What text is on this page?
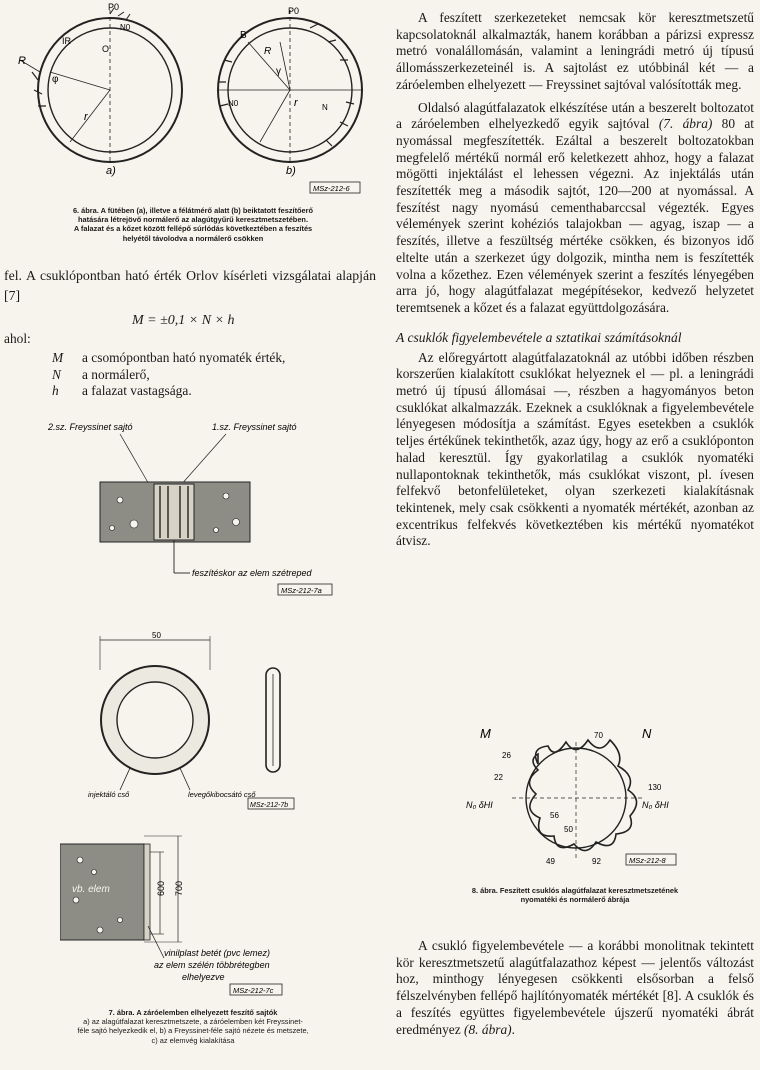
R
IR
P0
N0
O
r
φ
a)
P0
B
R
N0	N
γ
r
b)
MSz-212-6
6. ábra. A fütében (a), illetve a félátmérő alatt (b) beiktatott feszítőerő
hatására létrejövő normálerő az alagútgyűrű keresztmetszetében.
A falazat és a kőzet között fellépő súrlódás következtében a feszítés
helyétől távolodva a normálerő csökken

fel. A csuklópontban ható érték Orlov kísérleti vizsgálatai alapján [7]

M = ±0,1 × N × h
ahol:
M	a csomópontban ható nyomaték érték,
N	a normálerő,
h	a falazat vastagsága.
2.sz. Freyssinet sajtó	1.sz. Freyssinet sajtó
feszítéskor az elem szétreped
MSz-212-7a
50
injektáló cső	levegőkibocsátó cső
MSz-212-7b
vb. elem	600 700
vinilplast betét (pvc lemez)
az elem szélén többrétegben
elhelyezve
MSz-212-7c
7. ábra. A záróelemben elhelyezett feszítő sajtók
a) az alagútfalazat keresztmetszete, a záróelemben két Freyssinet-
féle sajtó helyezkedik el, b) a Freyssinet-féle sajtó nézete és metszete,
c) az elemvég kialakítása

A feszített szerkezeteket nemcsak kör keresztmetszetű kapcsolatoknál alkalmazták, hanem korábban a párizsi expressz metró vonalállomásán, valamint a leningrádi metró új típusú állomásszerkezeteinél is. A sajtolást ez utóbbinál két — a záróelemben elhelyezett — Freyssinet sajtóval valósították meg.

Oldalsó alagútfalazatok elkészítése után a beszerelt boltozatot a záróelemben elhelyezkedő egyik sajtóval (7. ábra) 80 at nyomással megfeszítették. Ezáltal a beszerelt boltozatokban megfelelő mértékű normál erő keletkezett ahhoz, hogy a falazat mögötti injektálást el lehessen végezni. Az injektálás után feszítették meg a második sajtót, 120—200 at nyomással. A feszítést nagy nyomású cementhabarccsal végezték. Egyes vélemények szerint kohéziós talajokban — agyag, iszap — a feszítés, illetve a feszültség mértéke csökken, és bizonyos idő eltelte után a szerkezet úgy dolgozik, mintha nem is feszítették volna a kőzethez. Ezen vélemények szerint a feszítés lényegében arra jó, hogy alagútfalazat megépítésekor, kedvező helyzetet teremtsenek a kőzet és a falazat együttdolgozására.

A csuklók figyelembevétele a sztatikai számításoknál

Az előregyártott alagútfalazatoknál az utóbbi időben részben korszerűen kialakított csuklókat helyeznek el — pl. a leningrádi metró új típusú állomásai —, részben a hagyományos beton csuklókat alkalmazzák. Ezeknek a csuklóknak a figyelembevétele lényegesen módosítja a számítást. Egyes esetekben a csuklók teljes értékűnek tekinthetők, azaz úgy, hogy az erő a csuklóponton halad keresztül. Így gyakorlatilag a csuklók nyomatéki nullapontoknak tekinthetők, más csuklókat viszont, pl. ívesen felfekvő betonfelületeket, olyan szerkezeti kialakításnak tekintenek, mely csak csökkenti a nyomaték mértékét, azonban az excentrikus felfekvés következtében kis mértékű nyomatékot átvisz.

M	N
70
26
22
130
56
50
49	92
N₀ δHI	N₀ δHI
MSz-212-8
8. ábra. Feszített csuklós alagútfalazat keresztmetszetének
nyomatéki és normálerő ábrája

A csukló figyelembevétele — a korábbi monolitnak tekintett kör keresztmetszetű alagútfalazathoz képest — jelentős változást hoz, minthogy lényegesen csökkenti elsősorban a felső félszelvényben fellépő hajlítónyomaték mértékét [8]. A csuklók és a feszítés együttes figyelembevétele újszerű nyomatéki ábrát eredményez (8. ábra).
